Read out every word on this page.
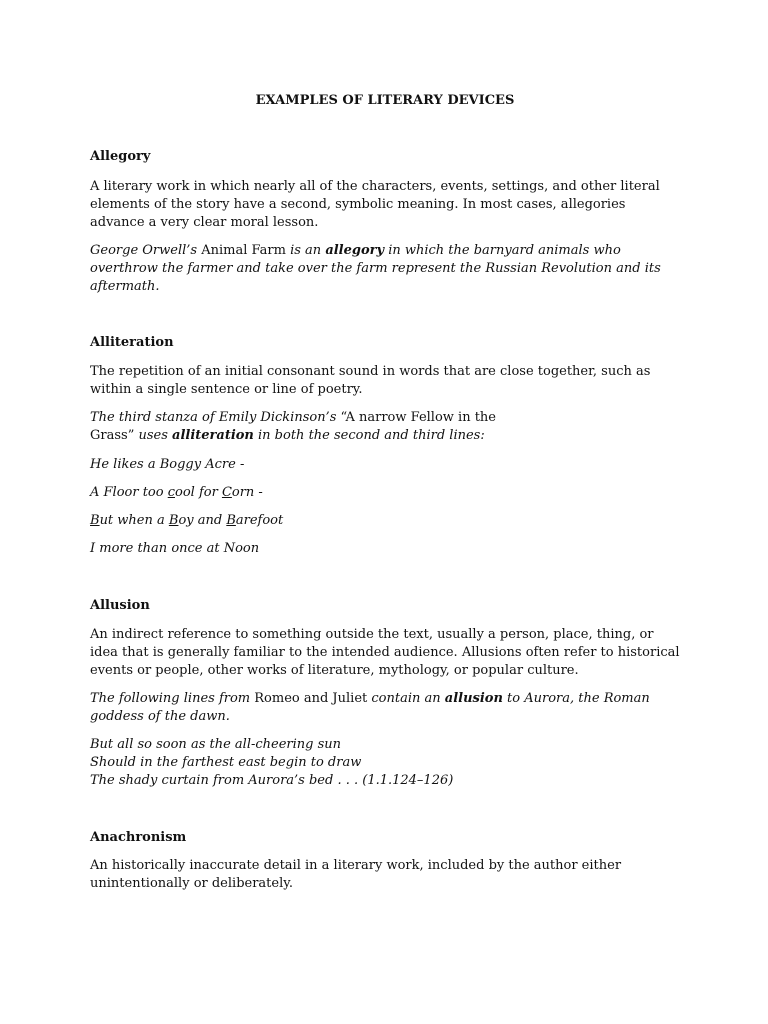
EXAMPLES OF LITERARY DEVICES
Allegory

A literary work in which nearly all of the characters, events, settings, and other literal elements of the story have a second, symbolic meaning. In most cases, allegories advance a very clear moral lesson.

George Orwell’s Animal Farm is an allegory in which the barnyard animals who overthrow the farmer and take over the farm represent the Russian Revolution and its aftermath.

Alliteration

The repetition of an initial consonant sound in words that are close together, such as within a single sentence or line of poetry.

The third stanza of Emily Dickinson’s “A narrow Fellow in the Grass” uses alliteration in both the second and third lines:

He likes a Boggy Acre -

A Floor too cool for Corn -

But when a Boy and Barefoot

I more than once at Noon

Allusion

An indirect reference to something outside the text, usually a person, place, thing, or idea that is generally familiar to the intended audience. Allusions often refer to historical events or people, other works of literature, mythology, or popular culture.

The following lines from Romeo and Juliet contain an allusion to Aurora, the Roman goddess of the dawn.

But all so soon as the all-cheering sun

Should in the farthest east begin to draw

The shady curtain from Aurora’s bed . . . (1.1.124–126)

Anachronism

An historically inaccurate detail in a literary work, included by the author either unintentionally or deliberately.
